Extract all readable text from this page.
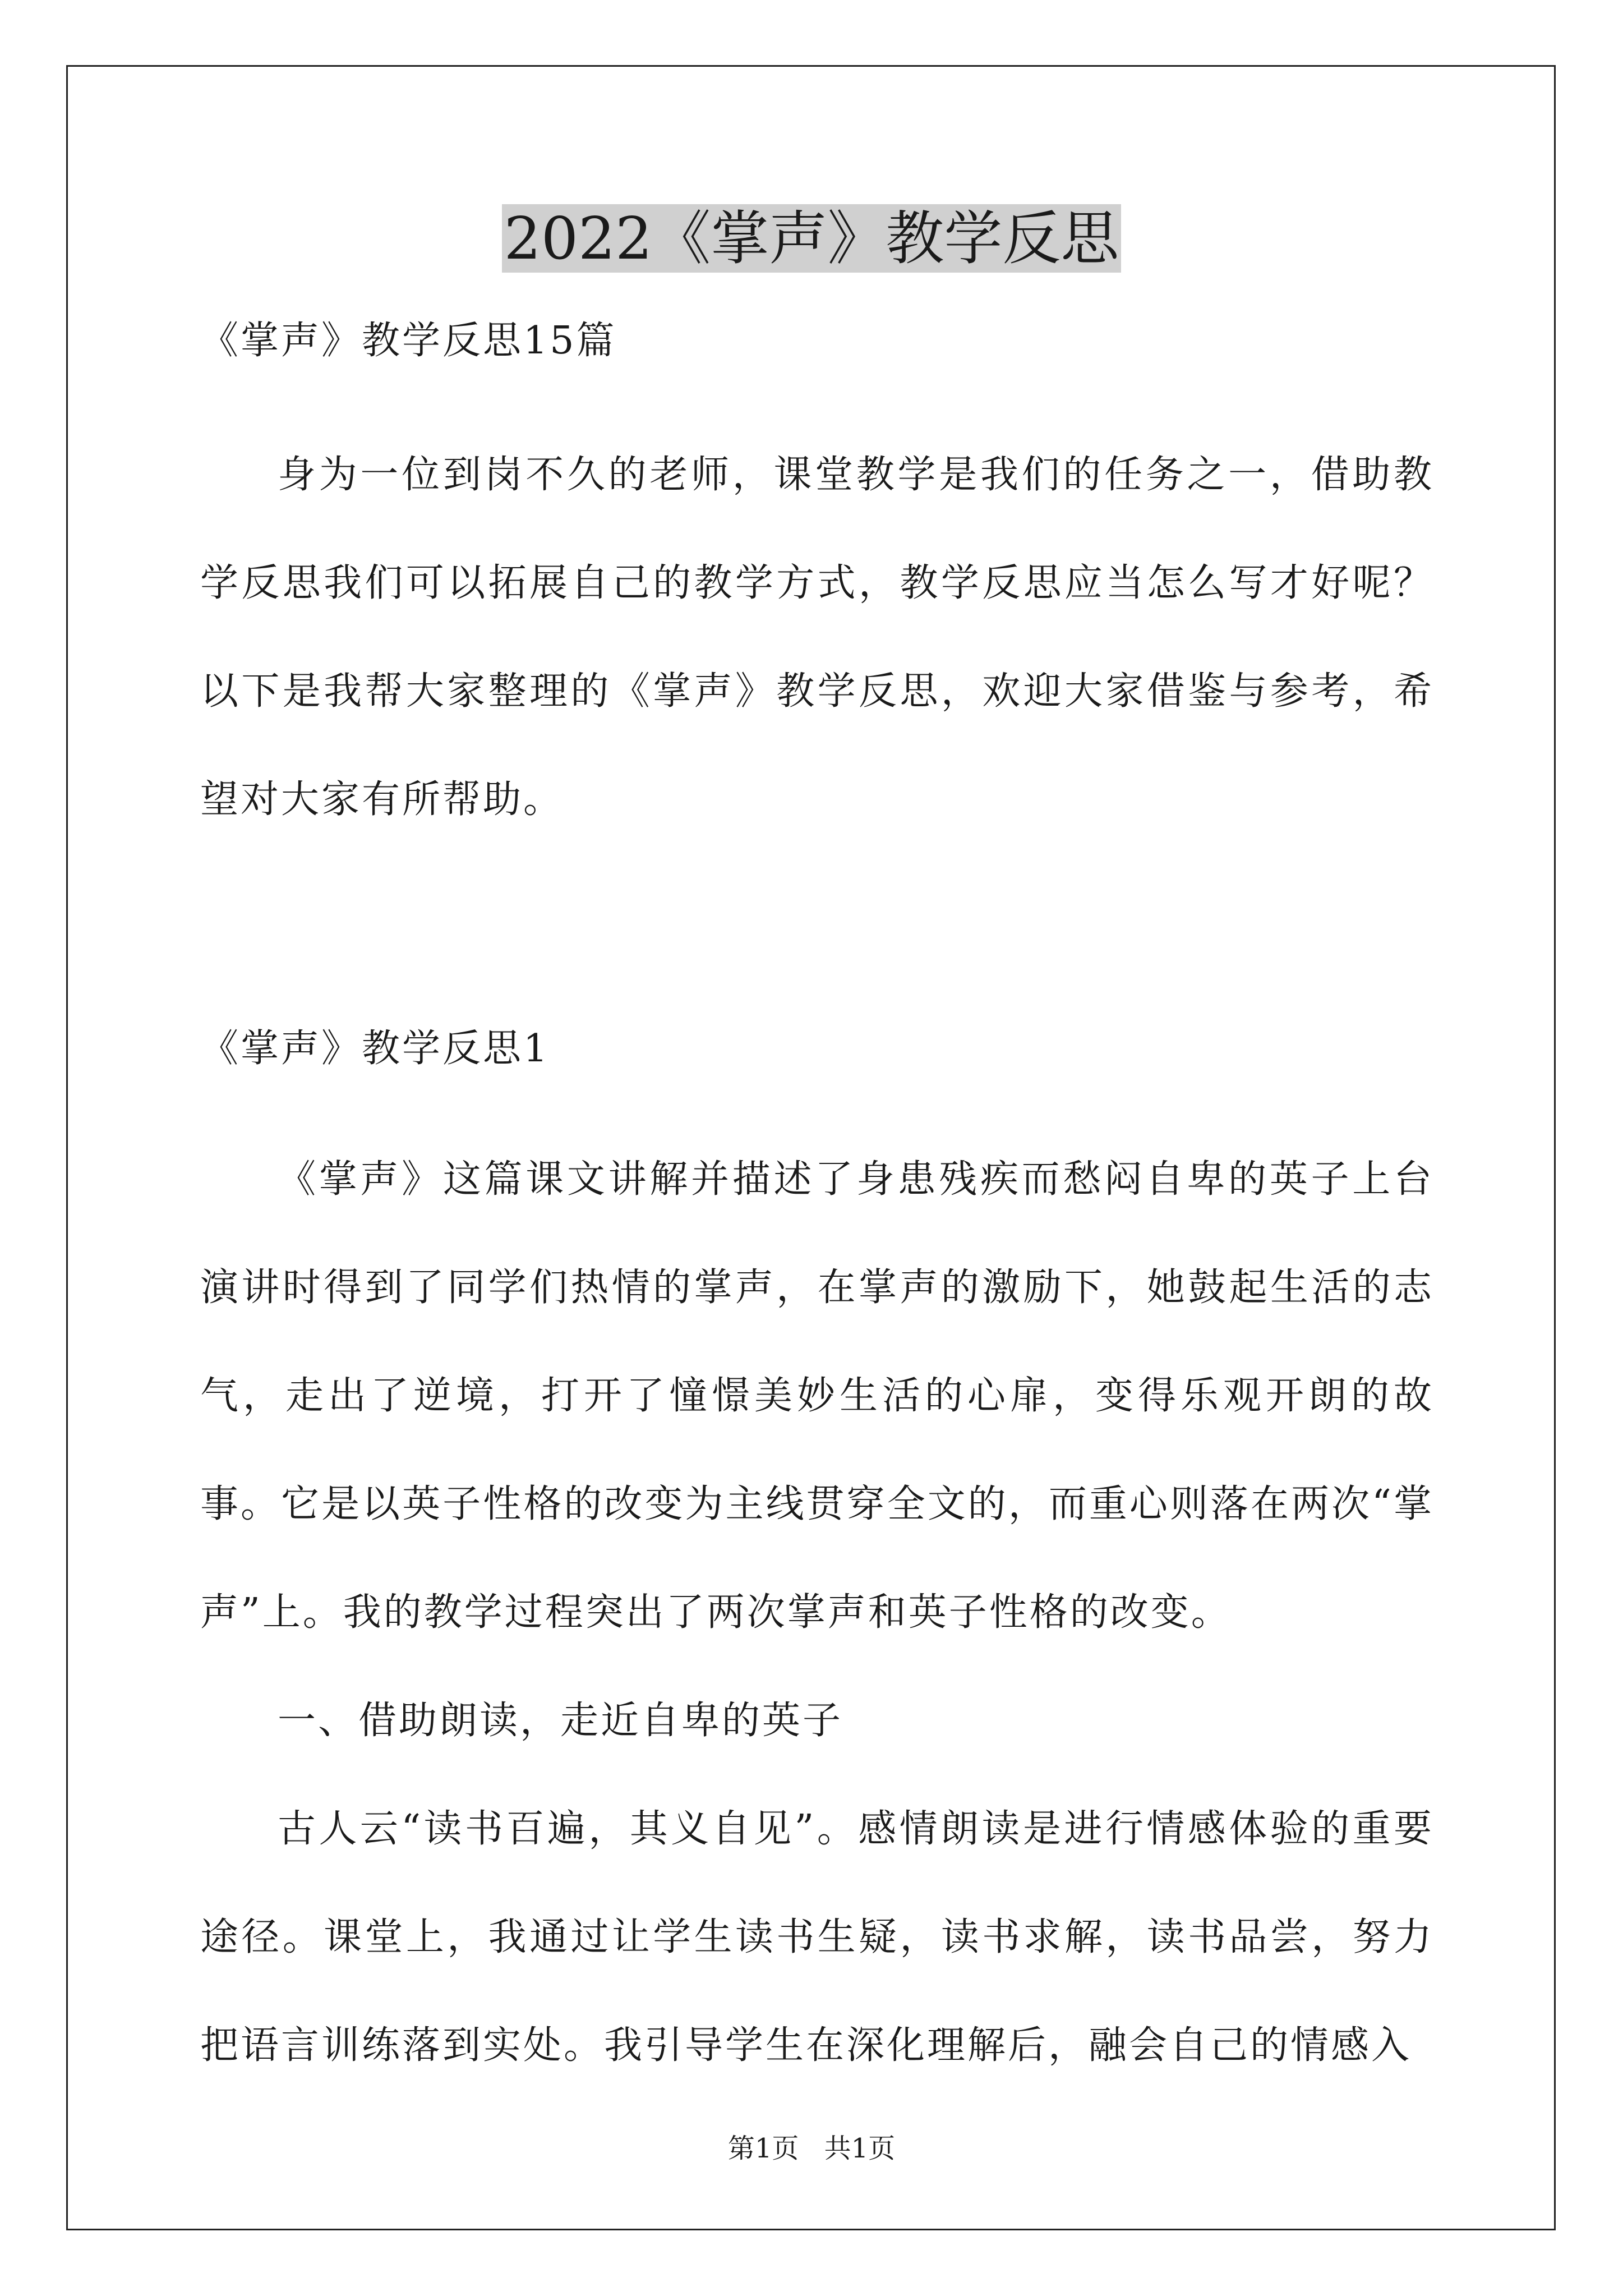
2022《掌声》教学反思

《掌声》教学反思15篇

身为一位到岗不久的老师，课堂教学是我们的任务之一，借助教学反思我们可以拓展自己的教学方式，教学反思应当怎么写才好呢？以下是我帮大家整理的《掌声》教学反思，欢迎大家借鉴与参考，希望对大家有所帮助。

《掌声》教学反思1

《掌声》这篇课文讲解并描述了身患残疾而愁闷自卑的英子上台演讲时得到了同学们热情的掌声，在掌声的激励下，她鼓起生活的志气，走出了逆境，打开了憧憬美妙生活的心扉，变得乐观开朗的故事。它是以英子性格的改变为主线贯穿全文的，而重心则落在两次“掌声”上。我的教学过程突出了两次掌声和英子性格的改变。

一、借助朗读，走近自卑的英子

古人云“读书百遍，其义自见”。感情朗读是进行情感体验的重要途径。课堂上，我通过让学生读书生疑，读书求解，读书品尝，努力把语言训练落到实处。我引导学生在深化理解后，融会自己的情感入

第1页 共1页
